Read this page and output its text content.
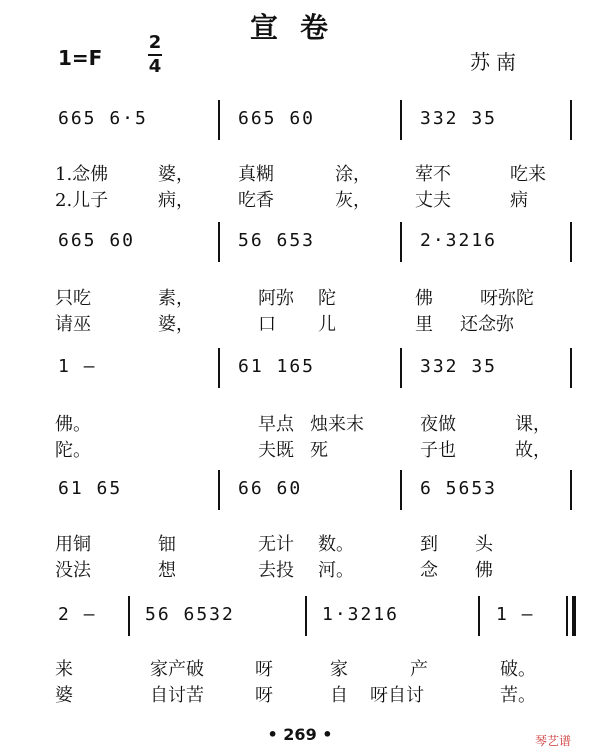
宣卷
1=F
2
4	苏南
665 6·5	665 60	332 35
1.念佛	婆， 真糊	涂， 荤不	吃来
2.儿子	病， 吃香	灰， 丈夫	病
665 60	56 653	2·3216
只吃	素，	阿弥 陀	佛	呀弥陀
请巫	婆，	口 儿	里 还念弥
1 —	61 165	332 35
佛。	早点 烛来末	夜做	课，
陀。	夫既 死	子也	故，
61 65	66 60	6 5653
用铜	钿	无计 数。	到 头
没法	想	去投 河。	念 佛
2 —	56 6532	1·3216	1 —
来	家产破	呀	家	产	破。
婆	自讨苦	呀	自 呀自讨	苦。
• 269 •	琴艺谱
